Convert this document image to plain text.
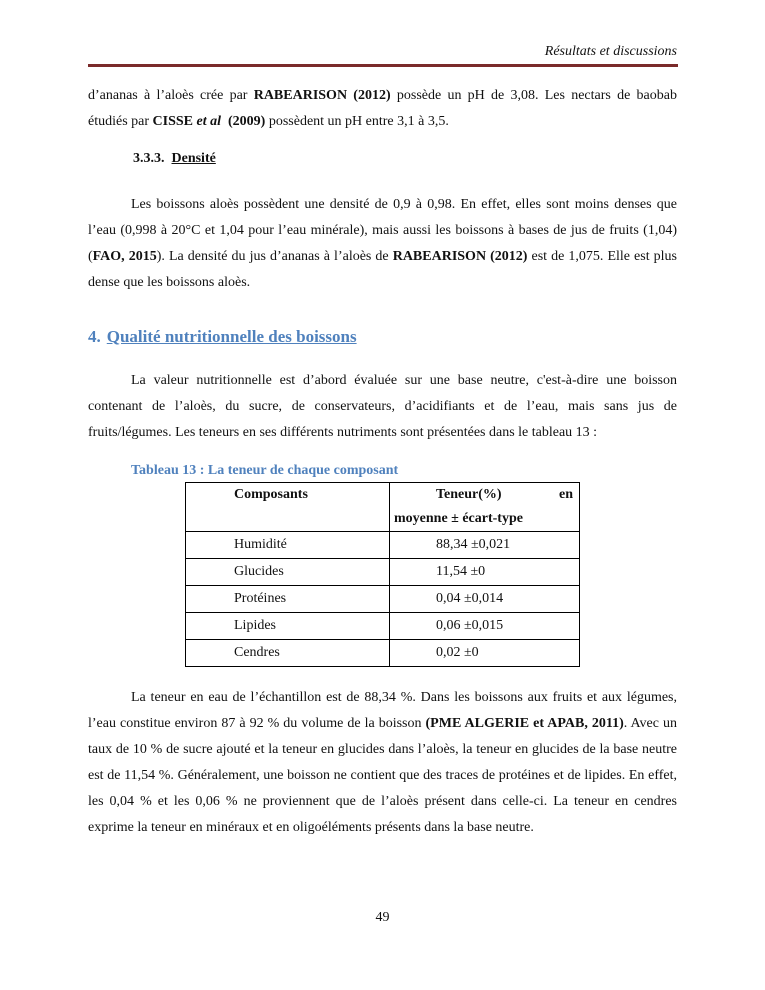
Résultats et discussions

d’ananas à l’aloès crée par RABEARISON (2012) possède un pH de 3,08. Les nectars de baobab étudiés par CISSE et al (2009) possèdent un pH entre 3,1 à 3,5.

3.3.3. Densité

Les boissons aloès possèdent une densité de 0,9 à 0,98. En effet, elles sont moins denses que l’eau (0,998 à 20°C et 1,04 pour l’eau minérale), mais aussi les boissons à bases de jus de fruits (1,04) (FAO, 2015). La densité du jus d’ananas à l’aloès de RABEARISON (2012) est de 1,075. Elle est plus dense que les boissons aloès.

4. Qualité nutritionnelle des boissons

La valeur nutritionnelle est d’abord évaluée sur une base neutre, c'est-à-dire une boisson contenant de l’aloès, du sucre, de conservateurs, d’acidifiants et de l’eau, mais sans jus de fruits/légumes. Les teneurs en ses différents nutriments sont présentées dans le tableau 13 :

Tableau 13 : La teneur de chaque composant
Composants	Teneur(%) en
moyenne ± écart-type

Humidité	88,34 ±0,021
Glucides	11,54 ±0
Protéines	0,04 ±0,014
Lipides	0,06 ±0,015
Cendres	0,02 ±0

La teneur en eau de l’échantillon est de 88,34 %. Dans les boissons aux fruits et aux légumes, l’eau constitue environ 87 à 92 % du volume de la boisson (PME ALGERIE et APAB, 2011). Avec un taux de 10 % de sucre ajouté et la teneur en glucides dans l’aloès, la teneur en glucides de la base neutre est de 11,54 %. Généralement, une boisson ne contient que des traces de protéines et de lipides. En effet, les 0,04 % et les 0,06 % ne proviennent que de l’aloès présent dans celle-ci. La teneur en cendres exprime la teneur en minéraux et en oligoéléments présents dans la base neutre.

49
